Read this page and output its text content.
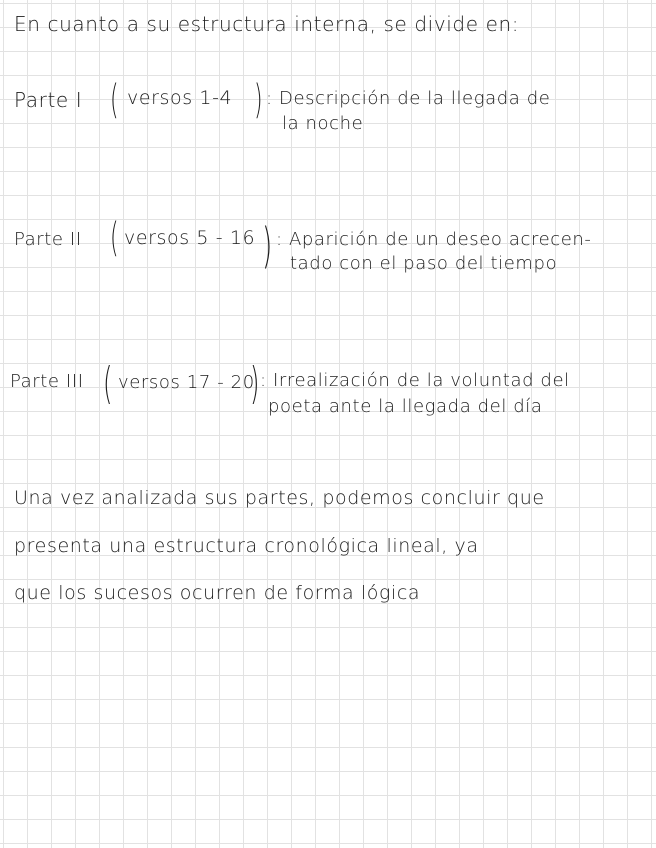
En cuanto a su estructura interna, se divide en:
Parte I ( versos 1-4 ) : Descripción de la llegada de
la noche
Parte II ( versos 5 - 16 ) : Aparición de un deseo acrecen-
tado con el paso del tiempo
Parte III ( versos 17 - 20
) : Irrealización de la voluntad del
poeta ante la llegada del día
Una vez analizada sus partes, podemos concluir que
presenta una estructura cronológica lineal, ya
que los sucesos ocurren de forma lógica
